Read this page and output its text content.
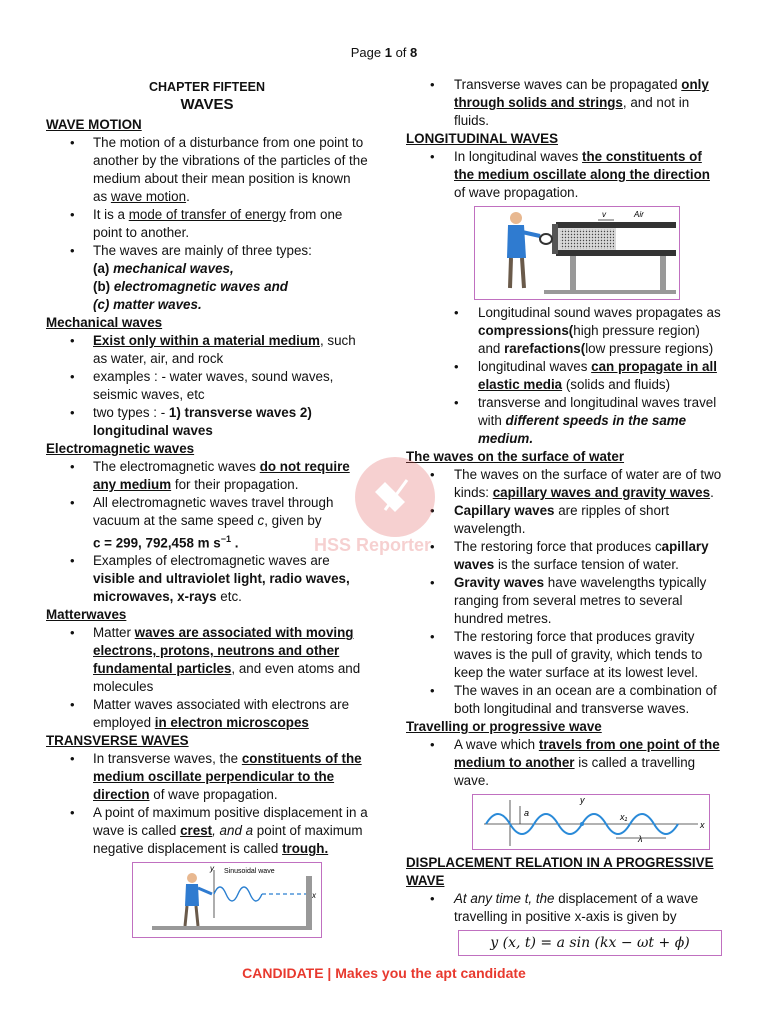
Page 1 of 8
CHAPTER FIFTEEN
WAVES
WAVE MOTION
• The motion of a disturbance from one point to another by the vibrations of the particles of the medium about their mean position is known as wave motion.
• It is a mode of transfer of energy from one point to another.
• The waves are mainly of three types:
(a) mechanical waves,
(b) electromagnetic waves and
(c) matter waves.
Mechanical waves
• Exist only within a material medium, such as water, air, and rock
• examples : - water waves, sound waves, seismic waves, etc
• two types : - 1) transverse waves 2) longitudinal waves
Electromagnetic waves
• The electromagnetic waves do not require any medium for their propagation.
• All electromagnetic waves travel through vacuum at the same speed c, given by
c = 299, 792,458 m $s^{-1}$ .
• Examples of electromagnetic waves are visible and ultraviolet light, radio waves, microwaves, x-rays etc.
Matterwaves
• Matter waves are associated with moving electrons, protons, neutrons and other fundamental particles, and even atoms and molecules
• Matter waves associated with electrons are employed in electron microscopes
TRANSVERSE WAVES
• In transverse waves, the constituents of the medium oscillate perpendicular to the direction of wave propagation.
• A point of maximum positive displacement in a wave is called crest, and a point of maximum negative displacement is called trough.
y Sinusoidal wave
x
• Transverse waves can be propagated only through solids and strings, and not in fluids.
LONGITUDINAL WAVES
• In longitudinal waves the constituents of the medium oscillate along the direction of wave propagation.
v	Air
• Longitudinal sound waves propagates as compressions(high pressure region) and rarefactions(low pressure regions)
• longitudinal waves can propagate in all elastic media (solids and fluids)
• transverse and longitudinal waves travel with different speeds in the same medium.
The waves on the surface of water
• The waves on the surface of water are of two kinds: capillary waves and gravity waves.
• Capillary waves are ripples of short wavelength.
• The restoring force that produces capillary waves is the surface tension of water.
• Gravity waves have wavelengths typically ranging from several metres to several hundred metres.
• The restoring force that produces gravity waves is the pull of gravity, which tends to keep the water surface at its lowest level.
• The waves in an ocean are a combination of both longitudinal and transverse waves.
Travelling or progressive wave
• A wave which travels from one point of the medium to another is called a travelling wave.
y
a	x₁
λ
x
DISPLACEMENT RELATION IN A PROGRESSIVE WAVE
• At any time t, the displacement of a wave travelling in positive x-axis is given by
y (x, t) = a sin (kx − ωt + ϕ)
HSS Reporter
CANDIDATE | Makes you the apt candidate
